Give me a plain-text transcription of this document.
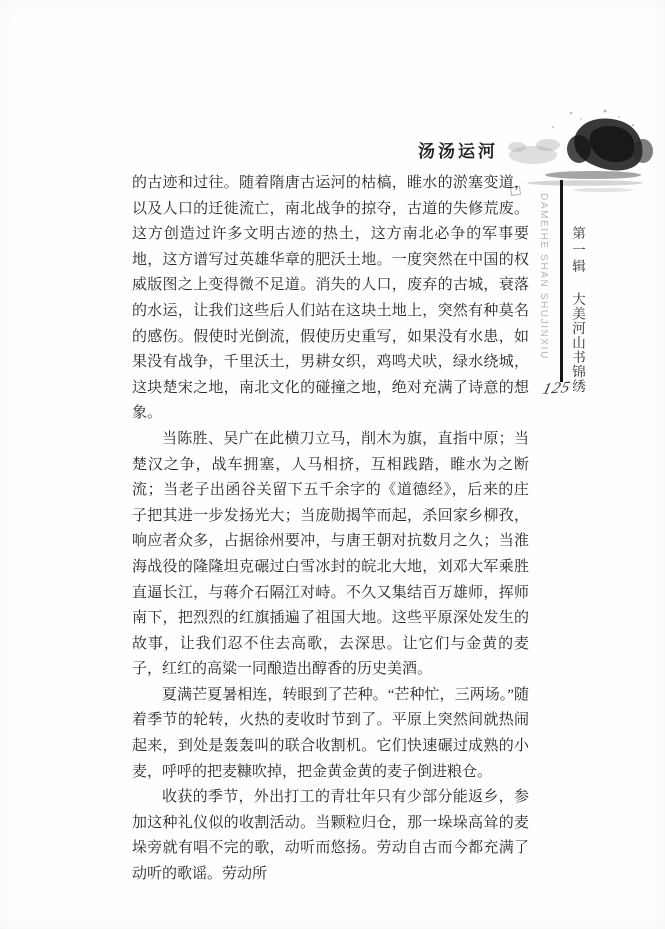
汤汤运河
DAMEIHE SHAN SHUJINXIU 第一辑大美河山书锦绣
125

的古迹和过往。随着隋唐古运河的枯槁，睢水的淤塞变道，以及人口的迁徙流亡，南北战争的掠夺，古道的失修荒废。这方创造过许多文明古迹的热土，这方南北必争的军事要地，这方谱写过英雄华章的肥沃土地。一度突然在中国的权威版图之上变得微不足道。消失的人口，废弃的古城，衰落的水运，让我们这些后人们站在这块土地上，突然有种莫名的感伤。假使时光倒流，假使历史重写，如果没有水患，如果没有战争，千里沃土，男耕女织，鸡鸣犬吠，绿水绕城，这块楚宋之地，南北文化的碰撞之地，绝对充满了诗意的想象。

当陈胜、吴广在此横刀立马，削木为旗，直指中原；当楚汉之争，战车拥塞，人马相挤，互相践踏，睢水为之断流；当老子出函谷关留下五千余字的《道德经》，后来的庄子把其进一步发扬光大；当庞勋揭竿而起，杀回家乡柳孜，响应者众多，占据徐州要冲，与唐王朝对抗数月之久；当淮海战役的隆隆坦克碾过白雪冰封的皖北大地，刘邓大军乘胜直逼长江，与蒋介石隔江对峙。不久又集结百万雄师，挥师南下，把烈烈的红旗插遍了祖国大地。这些平原深处发生的故事，让我们忍不住去高歌，去深思。让它们与金黄的麦子，红红的高粱一同酿造出醇香的历史美酒。

夏满芒夏暑相连，转眼到了芒种。“芒种忙，三两场。”随着季节的轮转，火热的麦收时节到了。平原上突然间就热闹起来，到处是轰轰叫的联合收割机。它们快速碾过成熟的小麦，呼呼的把麦糠吹掉，把金黄金黄的麦子倒进粮仓。

收获的季节，外出打工的青壮年只有少部分能返乡，参加这种礼仪似的收割活动。当颗粒归仓，那一垛垛高耸的麦垛旁就有唱不完的歌，动听而悠扬。劳动自古而今都充满了动听的歌谣。劳动所
